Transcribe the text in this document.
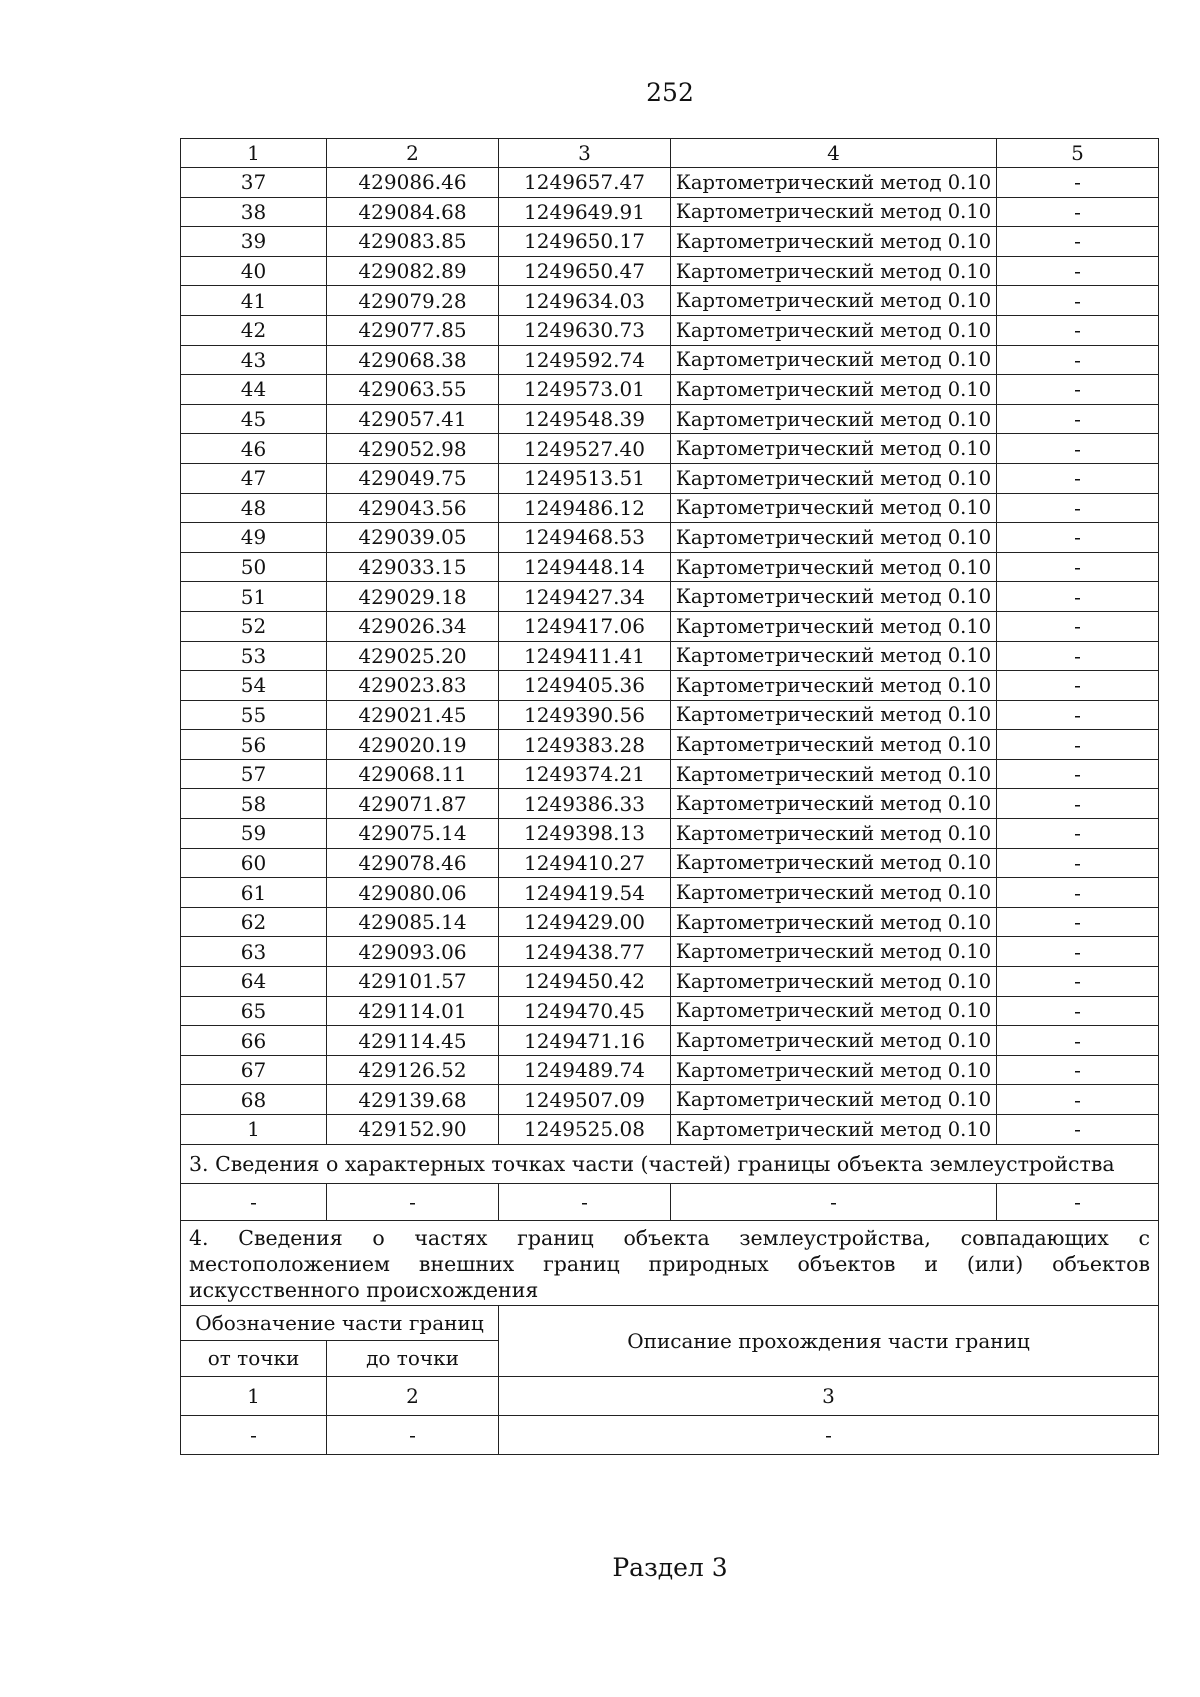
252
1	2	3	4	5
37	429086.46	1249657.47	Картометрический метод 0.10	-
38	429084.68	1249649.91	Картометрический метод 0.10	-
39	429083.85	1249650.17	Картометрический метод 0.10	-
40	429082.89	1249650.47	Картометрический метод 0.10	-
41	429079.28	1249634.03	Картометрический метод 0.10	-
42	429077.85	1249630.73	Картометрический метод 0.10	-
43	429068.38	1249592.74	Картометрический метод 0.10	-
44	429063.55	1249573.01	Картометрический метод 0.10	-
45	429057.41	1249548.39	Картометрический метод 0.10	-
46	429052.98	1249527.40	Картометрический метод 0.10	-
47	429049.75	1249513.51	Картометрический метод 0.10	-
48	429043.56	1249486.12	Картометрический метод 0.10	-
49	429039.05	1249468.53	Картометрический метод 0.10	-
50	429033.15	1249448.14	Картометрический метод 0.10	-
51	429029.18	1249427.34	Картометрический метод 0.10	-
52	429026.34	1249417.06	Картометрический метод 0.10	-
53	429025.20	1249411.41	Картометрический метод 0.10	-
54	429023.83	1249405.36	Картометрический метод 0.10	-
55	429021.45	1249390.56	Картометрический метод 0.10	-
56	429020.19	1249383.28	Картометрический метод 0.10	-
57	429068.11	1249374.21	Картометрический метод 0.10	-
58	429071.87	1249386.33	Картометрический метод 0.10	-
59	429075.14	1249398.13	Картометрический метод 0.10	-
60	429078.46	1249410.27	Картометрический метод 0.10	-
61	429080.06	1249419.54	Картометрический метод 0.10	-
62	429085.14	1249429.00	Картометрический метод 0.10	-
63	429093.06	1249438.77	Картометрический метод 0.10	-
64	429101.57	1249450.42	Картометрический метод 0.10	-
65	429114.01	1249470.45	Картометрический метод 0.10	-
66	429114.45	1249471.16	Картометрический метод 0.10	-
67	429126.52	1249489.74	Картометрический метод 0.10	-
68	429139.68	1249507.09	Картометрический метод 0.10	-
1	429152.90	1249525.08	Картометрический метод 0.10	-
3. Сведения о характерных точках части (частей) границы объекта землеустройства				
-	-	-	-	-
4. Сведения о частях границ объекта землеустройства, совпадающих с местоположением внешних границ природных объектов и (или) объектов искусственного происхождения				
Обозначение части границ		Описание прохождения части границ		
от точки	до точки			
1	2	3		
-	-	-		
Раздел 3
